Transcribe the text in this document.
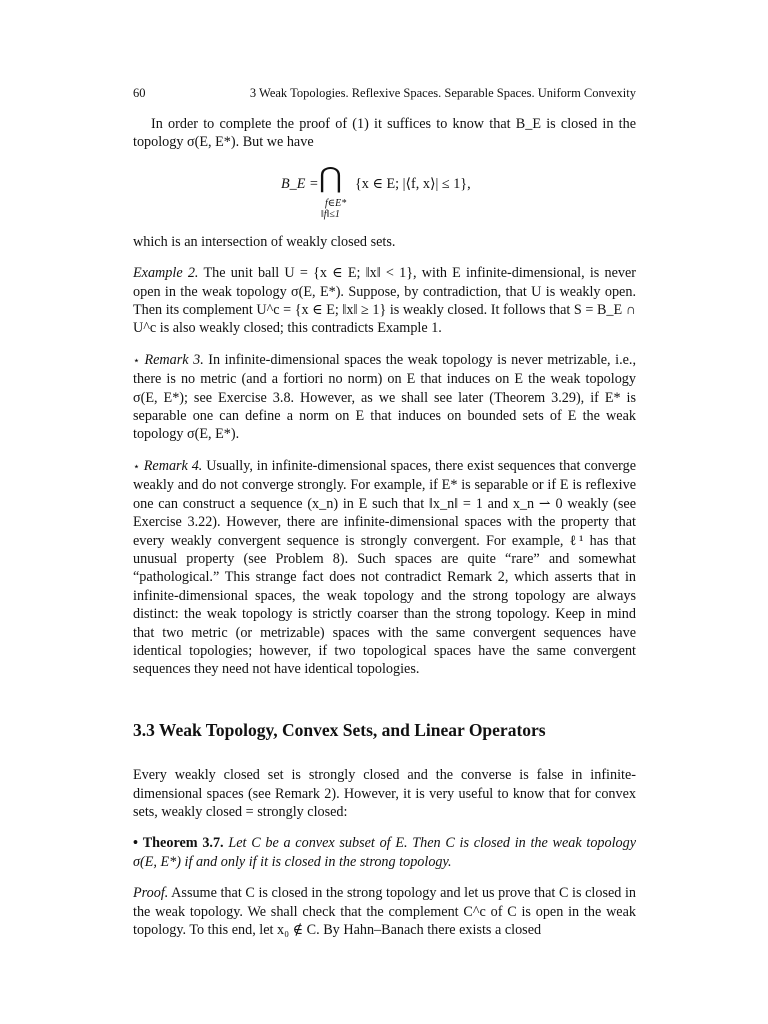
60	3 Weak Topologies. Reflexive Spaces. Separable Spaces. Uniform Convexity

In order to complete the proof of (1) it suffices to know that B_E is closed in the topology σ(E, E*). But we have

B_E = ⋂ {x ∈ E; |⟨f, x⟩| ≤ 1},
f∈E*
‖f‖≤1

which is an intersection of weakly closed sets.

Example 2. The unit ball U = {x ∈ E; ‖x‖ < 1}, with E infinite-dimensional, is never open in the weak topology σ(E, E*). Suppose, by contradiction, that U is weakly open. Then its complement U^c = {x ∈ E; ‖x‖ ≥ 1} is weakly closed. It follows that S = B_E ∩ U^c is also weakly closed; this contradicts Example 1.

⋆ Remark 3. In infinite-dimensional spaces the weak topology is never metrizable, i.e., there is no metric (and a fortiori no norm) on E that induces on E the weak topology σ(E, E*); see Exercise 3.8. However, as we shall see later (Theorem 3.29), if E* is separable one can define a norm on E that induces on bounded sets of E the weak topology σ(E, E*).

⋆ Remark 4. Usually, in infinite-dimensional spaces, there exist sequences that converge weakly and do not converge strongly. For example, if E* is separable or if E is reflexive one can construct a sequence (x_n) in E such that ‖x_n‖ = 1 and x_n ⇀ 0 weakly (see Exercise 3.22). However, there are infinite-dimensional spaces with the property that every weakly convergent sequence is strongly convergent. For example, ℓ¹ has that unusual property (see Problem 8). Such spaces are quite “rare” and somewhat “pathological.” This strange fact does not contradict Remark 2, which asserts that in infinite-dimensional spaces, the weak topology and the strong topology are always distinct: the weak topology is strictly coarser than the strong topology. Keep in mind that two metric (or metrizable) spaces with the same convergent sequences have identical topologies; however, if two topological spaces have the same convergent sequences they need not have identical topologies.

3.3 Weak Topology, Convex Sets, and Linear Operators

Every weakly closed set is strongly closed and the converse is false in infinite-dimensional spaces (see Remark 2). However, it is very useful to know that for convex sets, weakly closed = strongly closed:

• Theorem 3.7. Let C be a convex subset of E. Then C is closed in the weak topology σ(E, E*) if and only if it is closed in the strong topology.

Proof. Assume that C is closed in the strong topology and let us prove that C is closed in the weak topology. We shall check that the complement C^c of C is open in the weak topology. To this end, let x₀ ∉ C. By Hahn–Banach there exists a closed
